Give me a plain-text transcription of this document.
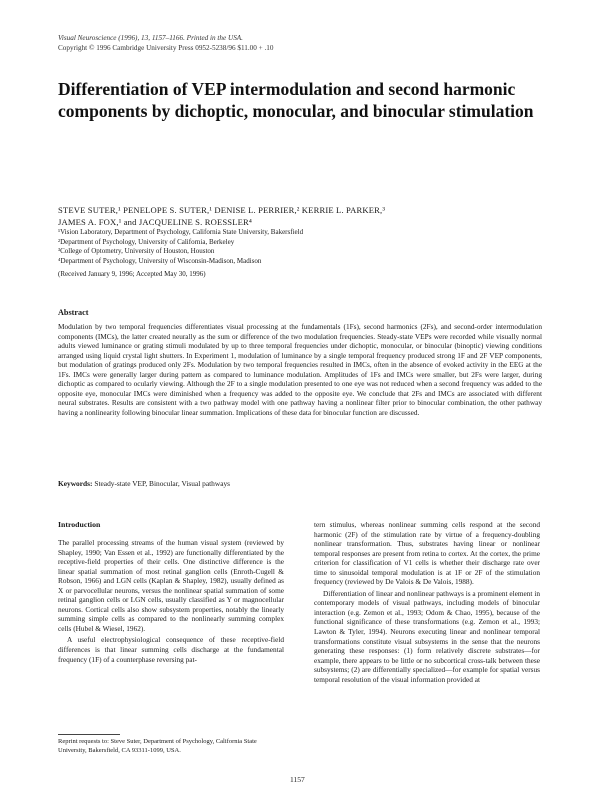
Visual Neuroscience (1996), 13, 1157–1166. Printed in the USA.
Copyright © 1996 Cambridge University Press 0952-5238/96 $11.00 + .10
Differentiation of VEP intermodulation and second harmonic components by dichoptic, monocular, and binocular stimulation
STEVE SUTER,¹ PENELOPE S. SUTER,¹ DENISE L. PERRIER,² KERRIE L. PARKER,³
JAMES A. FOX,¹ and JACQUELINE S. ROESSLER⁴
¹Vision Laboratory, Department of Psychology, California State University, Bakersfield
²Department of Psychology, University of California, Berkeley
³College of Optometry, University of Houston, Houston
⁴Department of Psychology, University of Wisconsin-Madison, Madison
(Received January 9, 1996; Accepted May 30, 1996)
Abstract

Modulation by two temporal frequencies differentiates visual processing at the fundamentals (1Fs), second harmonics (2Fs), and second-order intermodulation components (IMCs), the latter created neurally as the sum or difference of the two modulation frequencies. Steady-state VEPs were recorded while visually normal adults viewed luminance or grating stimuli modulated by up to three temporal frequencies under dichoptic, monocular, or binocular (binoptic) viewing conditions arranged using liquid crystal light shutters. In Experiment 1, modulation of luminance by a single temporal frequency produced strong 1F and 2F VEP components, but modulation of gratings produced only 2Fs. Modulation by two temporal frequencies resulted in IMCs, often in the absence of evoked activity in the EEG at the 1Fs. IMCs were generally larger during pattern as compared to luminance modulation. Amplitudes of 1Fs and IMCs were smaller, but 2Fs were larger, during dichoptic as compared to ocularly viewing. Although the 2F to a single modulation presented to one eye was not reduced when a second frequency was added to the opposite eye, monocular IMCs were diminished when a frequency was added to the opposite eye. We conclude that 2Fs and IMCs are associated with different neural substrates. Results are consistent with a two pathway model with one pathway having a nonlinear filter prior to binocular combination, the other pathway having a nonlinearity following binocular linear summation. Implications of these data for binocular function are discussed.

Keywords: Steady-state VEP, Binocular, Visual pathways
Introduction

The parallel processing streams of the human visual system (reviewed by Shapley, 1990; Van Essen et al., 1992) are functionally differentiated by the receptive-field properties of their cells. One distinctive difference is the linear spatial summation of most retinal ganglion cells (Enroth-Cugell & Robson, 1966) and LGN cells (Kaplan & Shapley, 1982), usually defined as X or parvocellular neurons, versus the nonlinear spatial summation of some retinal ganglion cells or LGN cells, usually classified as Y or magnocellular neurons. Cortical cells also show subsystem properties, notably the linearly summing simple cells as compared to the nonlinearly summing complex cells (Hubel & Wiesel, 1962).

A useful electrophysiological consequence of these receptive-field differences is that linear summing cells discharge at the fundamental frequency (1F) of a counterphase reversing pat-

tern stimulus, whereas nonlinear summing cells respond at the second harmonic (2F) of the stimulation rate by virtue of a frequency-doubling nonlinear transformation. Thus, substrates having linear or nonlinear temporal responses are present from retina to cortex. At the cortex, the prime criterion for classification of V1 cells is whether their discharge rate over time to sinusoidal temporal modulation is at 1F or 2F of the stimulation frequency (reviewed by De Valois & De Valois, 1988).

Differentiation of linear and nonlinear pathways is a prominent element in contemporary models of visual pathways, including models of binocular interaction (e.g. Zemon et al., 1993; Odom & Chao, 1995), because of the functional significance of these transformations (e.g. Zemon et al., 1993; Lawton & Tyler, 1994). Neurons executing linear and nonlinear temporal transformations constitute visual subsystems in the sense that the neurons generating these responses: (1) form relatively discrete substrates—for example, there appears to be little or no subcortical cross-talk between these subsystems; (2) are differentially specialized—for example for spatial versus temporal resolution of the visual information provided at

Reprint requests to: Steve Suter, Department of Psychology, California State University, Bakersfield, CA 93311-1099, USA.
1157
